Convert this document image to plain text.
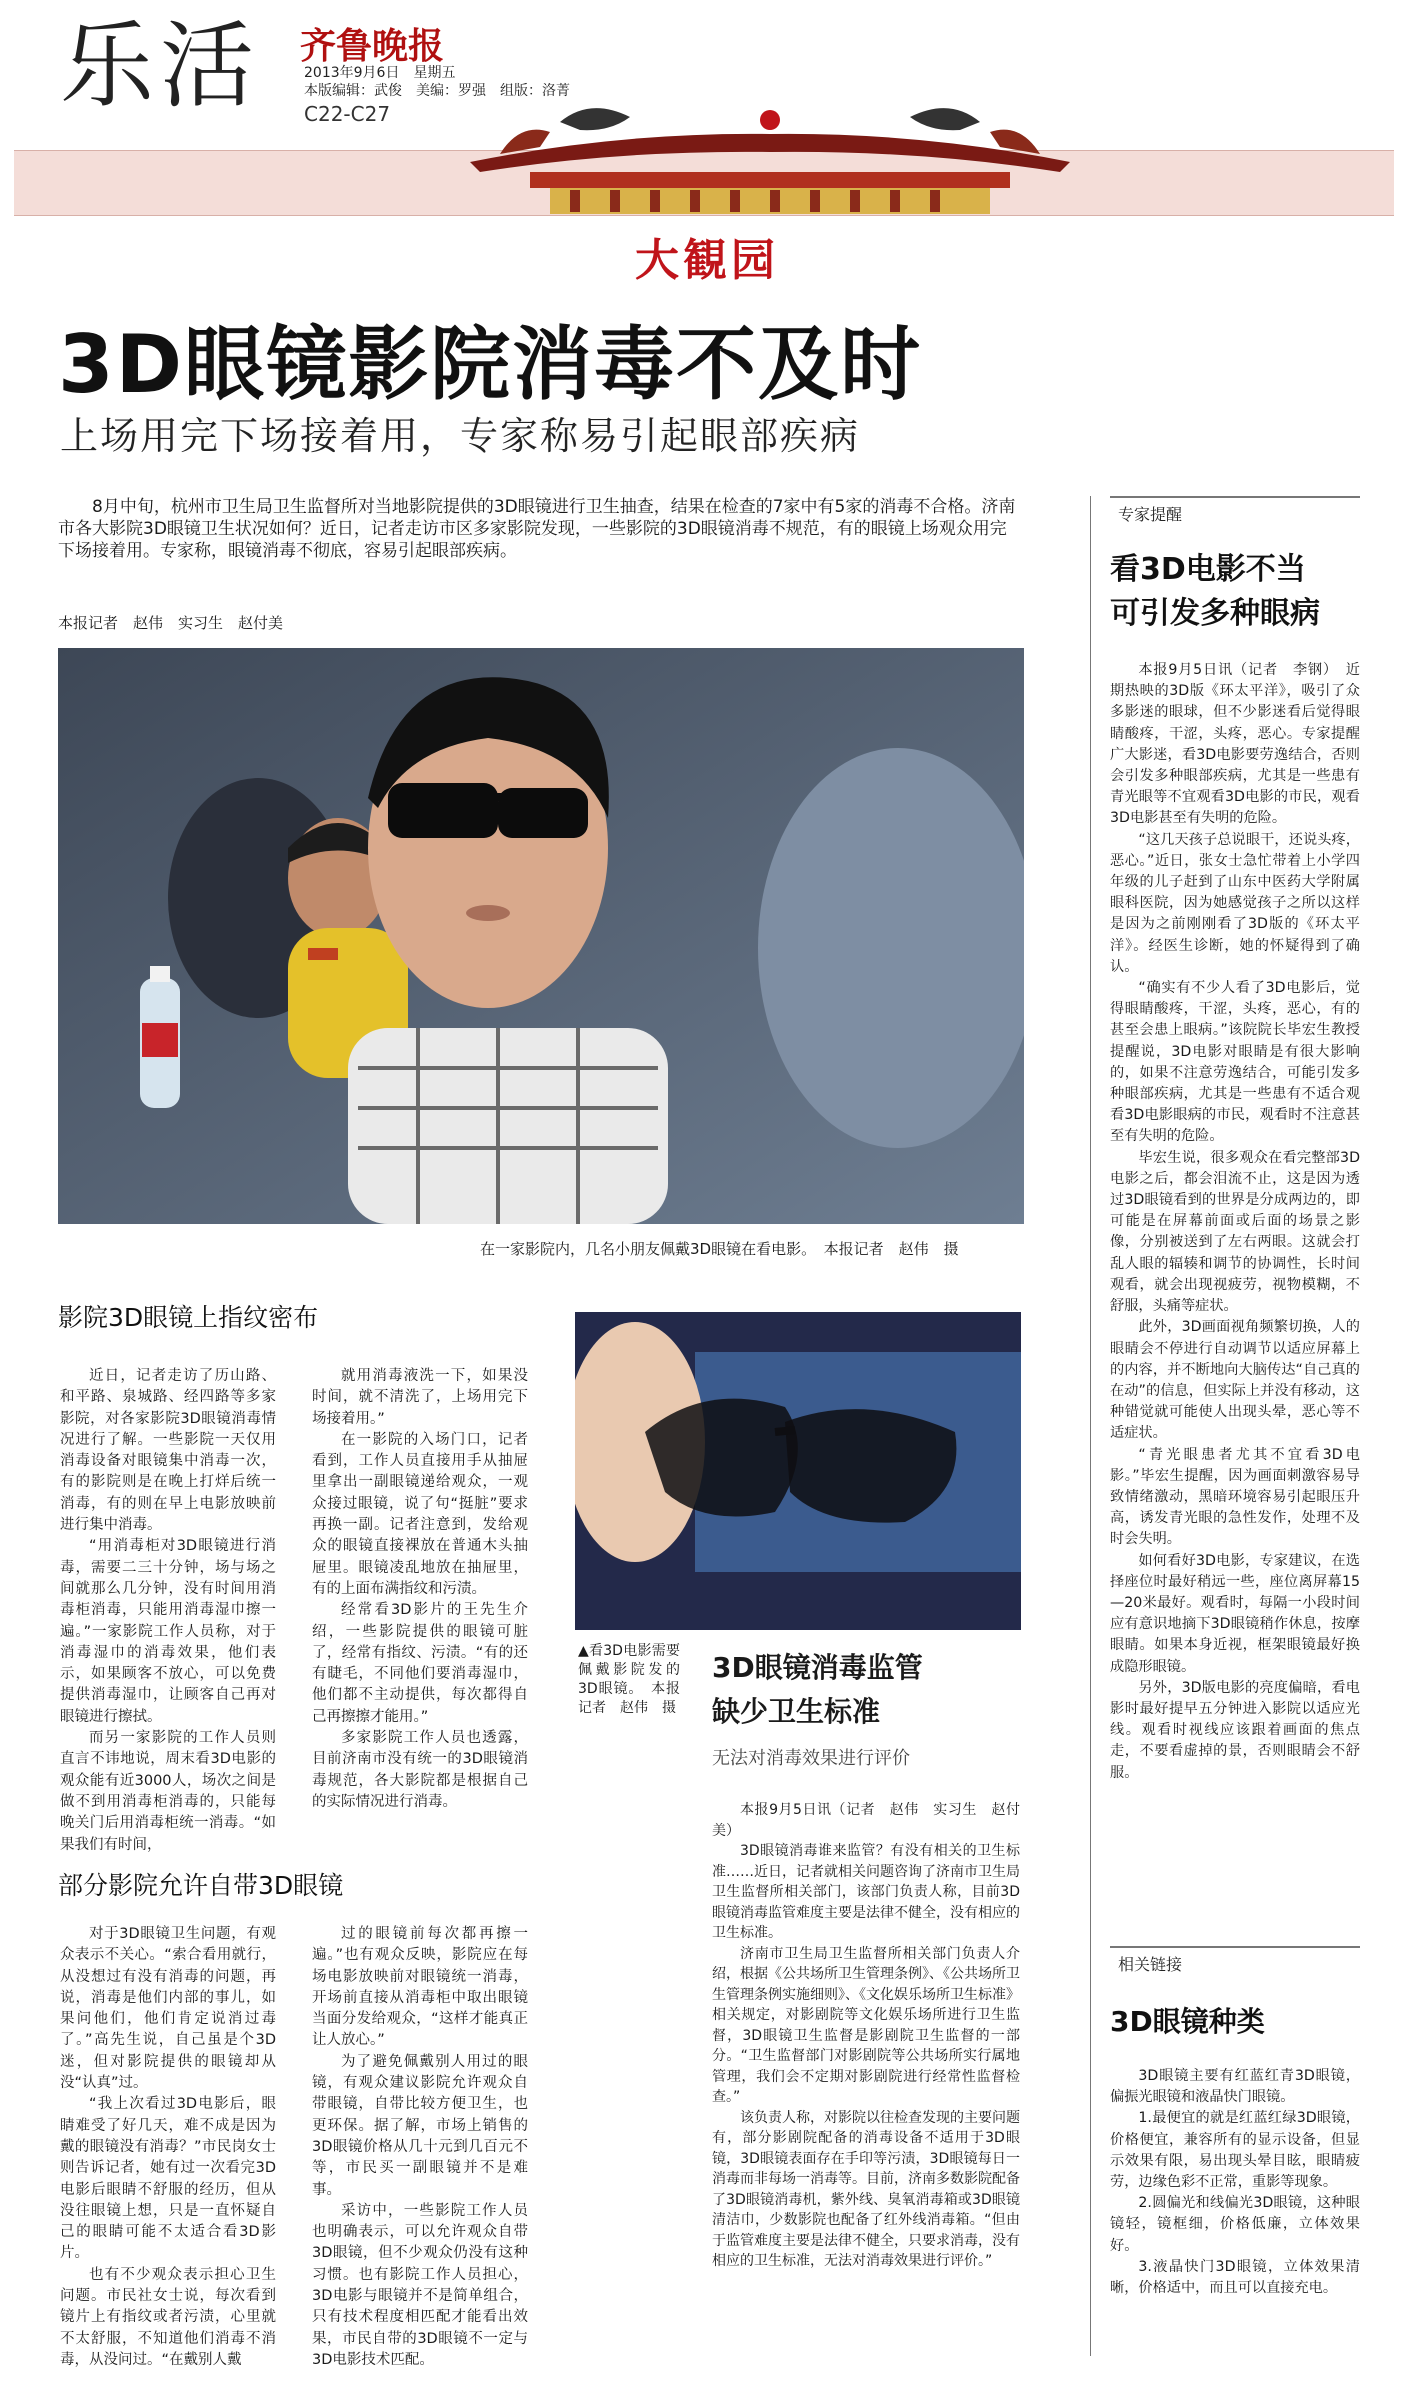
乐活 齐鲁晚报
2013年9月6日　星期五
本版编辑：武俊　美编：罗强　组版：洛菁
C22-C27
大観园
3D眼镜影院消毒不及时
上场用完下场接着用，专家称易引起眼部疾病
8月中旬，杭州市卫生局卫生监督所对当地影院提供的3D眼镜进行卫生抽查，结果在检查的7家中有5家的消毒不合格。济南市各大影院3D眼镜卫生状况如何？近日，记者走访市区多家影院发现，一些影院的3D眼镜消毒不规范，有的眼镜上场观众用完下场接着用。专家称，眼镜消毒不彻底，容易引起眼部疾病。
本报记者　赵伟　实习生　赵付美
在一家影院内，几名小朋友佩戴3D眼镜在看电影。　本报记者　赵伟　摄
影院3D眼镜上指纹密布

近日，记者走访了历山路、和平路、泉城路、经四路等多家影院，对各家影院3D眼镜消毒情况进行了解。一些影院一天仅用消毒设备对眼镜集中消毒一次，有的影院则是在晚上打烊后统一消毒，有的则在早上电影放映前进行集中消毒。

“用消毒柜对3D眼镜进行消毒，需要二三十分钟，场与场之间就那么几分钟，没有时间用消毒柜消毒，只能用消毒湿巾擦一遍。”一家影院工作人员称，对于消毒湿巾的消毒效果，他们表示，如果顾客不放心，可以免费提供消毒湿巾，让顾客自己再对眼镜进行擦拭。

而另一家影院的工作人员则直言不讳地说，周末看3D电影的观众能有近3000人，场次之间是做不到用消毒柜消毒的，只能每晚关门后用消毒柜统一消毒。“如果我们有时间，

就用消毒液洗一下，如果没时间，就不清洗了，上场用完下场接着用。”

在一影院的入场门口，记者看到，工作人员直接用手从抽屉里拿出一副眼镜递给观众，一观众接过眼镜，说了句“挺脏”要求再换一副。记者注意到，发给观众的眼镜直接裸放在普通木头抽屉里。眼镜凌乱地放在抽屉里，有的上面布满指纹和污渍。

经常看3D影片的王先生介绍，一些影院提供的眼镜可脏了，经常有指纹、污渍。“有的还有睫毛，不同他们要消毒湿巾，他们都不主动提供，每次都得自己再擦擦才能用。”

多家影院工作人员也透露，目前济南市没有统一的3D眼镜消毒规范，各大影院都是根据自己的实际情况进行消毒。

部分影院允许自带3D眼镜

对于3D眼镜卫生问题，有观众表示不关心。“索合看用就行，从没想过有没有消毒的问题，再说，消毒是他们内部的事儿，如果问他们，他们肯定说消过毒了。”高先生说，自己虽是个3D迷，但对影院提供的眼镜却从没“认真”过。

“我上次看过3D电影后，眼睛难受了好几天，难不成是因为戴的眼镜没有消毒？”市民岗女士则告诉记者，她有过一次看完3D电影后眼睛不舒服的经历，但从没往眼镜上想，只是一直怀疑自己的眼睛可能不太适合看3D影片。

也有不少观众表示担心卫生问题。市民社女士说，每次看到镜片上有指纹或者污渍，心里就不太舒服，不知道他们消毒不消毒，从没问过。“在戴别人戴

过的眼镜前每次都再擦一遍。”也有观众反映，影院应在每场电影放映前对眼镜统一消毒，开场前直接从消毒柜中取出眼镜当面分发给观众，“这样才能真正让人放心。”

为了避免佩戴别人用过的眼镜，有观众建议影院允许观众自带眼镜，自带比较方便卫生，也更环保。据了解，市场上销售的3D眼镜价格从几十元到几百元不等，市民买一副眼镜并不是难事。

采访中，一些影院工作人员也明确表示，可以允许观众自带3D眼镜，但不少观众仍没有这种习惯。也有影院工作人员担心，3D电影与眼镜并不是简单组合，只有技术程度相匹配才能看出效果，市民自带的3D眼镜不一定与3D电影技术匹配。

▲看3D电影需要佩戴影院发的3D眼镜。　本报记者　赵伟　摄
3D眼镜消毒监管
缺少卫生标准
无法对消毒效果进行评价

本报9月5日讯（记者　赵伟　实习生　赵付美）

3D眼镜消毒谁来监管？有没有相关的卫生标准……近日，记者就相关问题咨询了济南市卫生局卫生监督所相关部门，该部门负责人称，目前3D眼镜消毒监管难度主要是法律不健全，没有相应的卫生标准。

济南市卫生局卫生监督所相关部门负责人介绍，根据《公共场所卫生管理条例》、《公共场所卫生管理条例实施细则》、《文化娱乐场所卫生标准》相关规定，对影剧院等文化娱乐场所进行卫生监督，3D眼镜卫生监督是影剧院卫生监督的一部分。“卫生监督部门对影剧院等公共场所实行属地管理，我们会不定期对影剧院进行经常性监督检查。”

该负责人称，对影院以往检查发现的主要问题有，部分影剧院配备的消毒设备不适用于3D眼镜，3D眼镜表面存在手印等污渍，3D眼镜每日一消毒而非每场一消毒等。目前，济南多数影院配备了3D眼镜消毒机，紫外线、臭氧消毒箱或3D眼镜清洁巾，少数影院也配备了红外线消毒箱。“但由于监管难度主要是法律不健全，只要求消毒，没有相应的卫生标准，无法对消毒效果进行评价。”

专家提醒
看3D电影不当
可引发多种眼病

本报9月5日讯（记者　李钢）　近期热映的3D版《环太平洋》，吸引了众多影迷的眼球，但不少影迷看后觉得眼睛酸疼，干涩，头疼，恶心。专家提醒广大影迷，看3D电影要劳逸结合，否则会引发多种眼部疾病，尤其是一些患有青光眼等不宜观看3D电影的市民，观看3D电影甚至有失明的危险。

“这几天孩子总说眼干，还说头疼，恶心。”近日，张女士急忙带着上小学四年级的儿子赶到了山东中医药大学附属眼科医院，因为她感觉孩子之所以这样是因为之前刚刚看了3D版的《环太平洋》。经医生诊断，她的怀疑得到了确认。

“确实有不少人看了3D电影后，觉得眼睛酸疼，干涩，头疼，恶心，有的甚至会患上眼病。”该院院长毕宏生教授提醒说，3D电影对眼睛是有很大影响的，如果不注意劳逸结合，可能引发多种眼部疾病，尤其是一些患有不适合观看3D电影眼病的市民，观看时不注意甚至有失明的危险。

毕宏生说，很多观众在看完整部3D电影之后，都会泪流不止，这是因为透过3D眼镜看到的世界是分成两边的，即可能是在屏幕前面或后面的场景之影像，分别被送到了左右两眼。这就会打乱人眼的辐辏和调节的协调性，长时间观看，就会出现视疲劳，视物模糊，不舒服，头痛等症状。

此外，3D画面视角频繁切换，人的眼睛会不停进行自动调节以适应屏幕上的内容，并不断地向大脑传达“自己真的在动”的信息，但实际上并没有移动，这种错觉就可能使人出现头晕，恶心等不适症状。

“青光眼患者尤其不宜看3D电影。”毕宏生提醒，因为画面刺激容易导致情绪激动，黑暗环境容易引起眼压升高，诱发青光眼的急性发作，处理不及时会失明。

如何看好3D电影，专家建议，在选择座位时最好稍远一些，座位离屏幕15—20米最好。观看时，每隔一小段时间应有意识地摘下3D眼镜稍作休息，按摩眼睛。如果本身近视，框架眼镜最好换成隐形眼镜。

另外，3D版电影的亮度偏暗，看电影时最好提早五分钟进入影院以适应光线。观看时视线应该跟着画面的焦点走，不要看虚掉的景，否则眼睛会不舒服。

相关链接
3D眼镜种类

3D眼镜主要有红蓝红青3D眼镜，偏振光眼镜和液晶快门眼镜。

1.最便宜的就是红蓝红绿3D眼镜，价格便宜，兼容所有的显示设备，但显示效果有限，易出现头晕目眩，眼睛疲劳，边缘色彩不正常，重影等现象。

2.圆偏光和线偏光3D眼镜，这种眼镜轻，镜框细，价格低廉，立体效果好。

3.液晶快门3D眼镜，立体效果清晰，价格适中，而且可以直接充电。
